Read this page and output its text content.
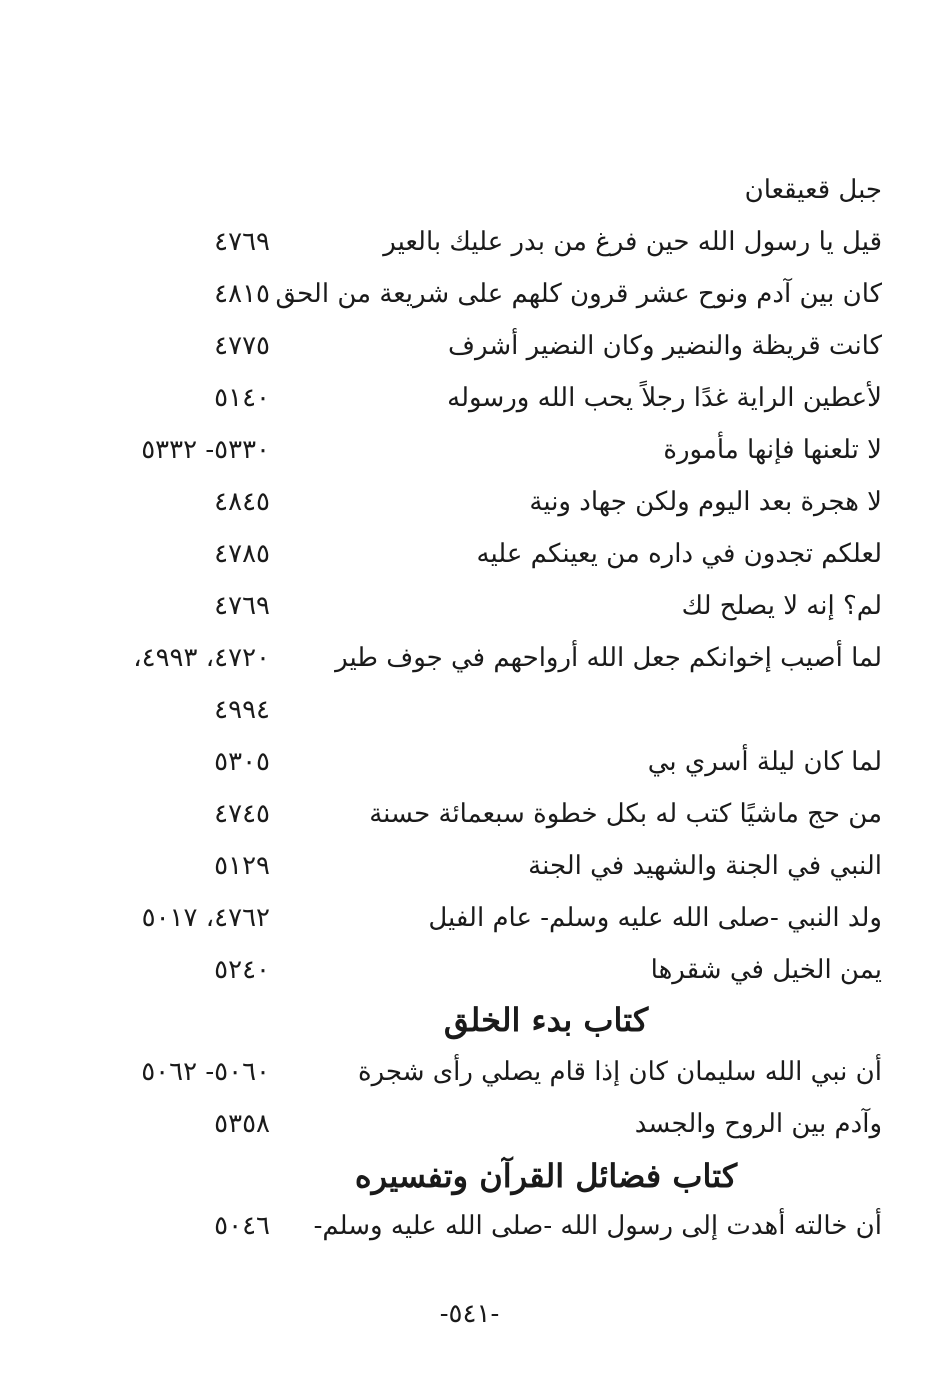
جبل قعيقعان
قيل يا رسول الله حين فرغ من بدر عليك بالعير
٤٧٦٩
كان بين آدم ونوح عشر قرون كلهم على شريعة من الحق
٤٨١٥
كانت قريظة والنضير وكان النضير أشرف
٤٧٧٥
لأعطين الراية غدًا رجلاً يحب الله ورسوله
٥١٤٠
لا تلعنها فإنها مأمورة
٥٣٣٠- ٥٣٣٢
لا هجرة بعد اليوم ولكن جهاد ونية
٤٨٤٥
لعلكم تجدون في داره من يعينكم عليه
٤٧٨٥
لم؟ إنه لا يصلح لك
٤٧٦٩
لما أصيب إخوانكم جعل الله أرواحهم في جوف طير
٤٧٢٠، ٤٩٩٣،
٤٩٩٤
لما كان ليلة أسري بي
٥٣٠٥
من حج ماشيًا كتب له بكل خطوة سبعمائة حسنة
٤٧٤٥
النبي في الجنة والشهيد في الجنة
٥١٢٩
ولد النبي -صلى الله عليه وسلم- عام الفيل
٤٧٦٢، ٥٠١٧
يمن الخيل في شقرها
٥٢٤٠
كتاب بدء الخلق
أن نبي الله سليمان كان إذا قام يصلي رأى شجرة
٥٠٦٠- ٥٠٦٢
وآدم بين الروح والجسد
٥٣٥٨
كتاب فضائل القرآن وتفسيره
أن خالته أهدت إلى رسول الله -صلى الله عليه وسلم-
٥٠٤٦
-٥٤١-
